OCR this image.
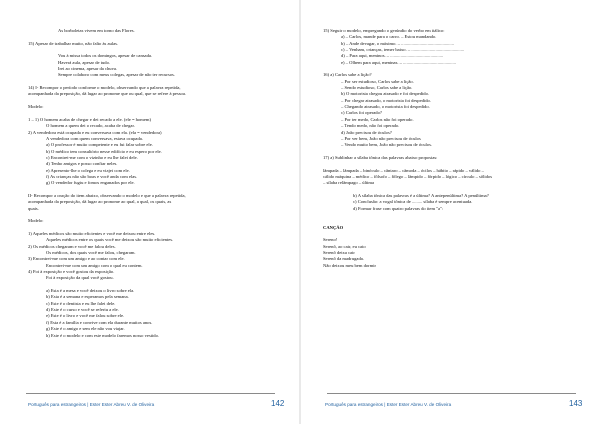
As borboletas vivem em torno das Flores.
15) Apesar de trabalhar muito, não falto às aulas.
Vou à missa todos os domingos, apesar de cansada.
Haverá aula, apesar de tudo.
Irei ao cinema, apesar da chuva.
Sempre colaboro com meus colegas, apesar de não ter recursos.
14) I- Recompor o período conforme o modelo, observando que a palavra repetida,
acompanhada da preposição, dá lugar ao pronome que ou qual, que se refere à pessoa.
Modelo:
1 – 1) O homem acaba de chegar e dei recado a ele. (ele = homem)
O homem a quem dei o recado, acaba de chegar.
2) A vendedora está ocupada e eu conversava com ela. (ela = vendedora)
A vendedora com quem conversava, estava ocupada.
a) O professor é muito competente e eu fui falar sobre ele.
b) O médico tem consultório nesse edifício e eu espero por ele.
c) Encontrei-me com o vizinho e eu lhe falei dele.
d) Tenho amigos e posso confiar neles.
e) Apresento-lhe o colega e eu viajei com ele.
f) As crianças não são boas e você anda com elas.
g) O vendedor fugiu e fomos enganados por ele.
II- Recompor a oração do item abaixo, observando o modelo e que a palavra repetida,
acompanhada da preposição, dá lugar ao pronome ao qual, a qual, os quais, as
quais.
Modelo:
1) Aqueles médicos são muito eficientes e você me deixou entre eles.
Aqueles médicos entre os quais você me deixou são muito eficientes.
2) Os médicos chegaram e você me falou deles.
Os médicos, dos quais você me falou, chegaram.
3) Encontrei-me com um amigo e ao contar com ele.
Encontrei-me com um amigo com o qual eu contem.
4) Foi à exposição e você gostou da exposição.
Foi à exposição da qual você gostou.
a) Esta é a mesa e você deixou o livro sobre ela.
b) Esta é a semana e esperamos pela semana.
c) Este é o dentista e eu lhe falei dele.
d) Este é o curso e você se referiu a ele.
e) Este é o livro e você me falou sobre ele.
f) Esta é a família e convive com ela durante muitos anos.
g) Este é o amigo e sem ele não vou viajar.
h) Este é o modelo e com este modelo faremos nosso vestido.
Português para estrangeiros | Ester Ester Abreu V. de Oliveira	142
15) Seguir o modelo, empregando o gerúndio do verbo em itálico:
a) – Carlos, mande para o carro. – Estou mandando.
b) – Ande devagar, o máximo. – ..............................................
c) – Venham, crianças, temer baixo. – ..............................................
d) – Para aqui, meninos. – ..............................................
e) – Olhem para aqui, meninas. – ..............................................
16) a) Carlos sabe a lição?
– Por ser estudioso, Carlos sabe a lição.
– Sendo estudioso, Carlos sabe a lição.
b) O motorista chegou atrasado e foi despedido.
– Por chegar atrasado, o motorista foi despedido.
– Chegando atrasado, o motorista foi despedido.
c) Carlos foi operado?
– Por ter medo, Carlos não foi operado.
– Tendo medo, não foi operado.
d) João precisou de óculos?
– Por ver bem, João não precisou de óculos
– Vendo muito bem, João não precisou de óculos.
17) a) Sublinhar a sílaba tônica das palavras abaixo propostas:
lâmpada – lâmpada – binóculo – cântaro – câmoda – ócilos – hábito – rápido – válido –
cálido máquina – médico – fôlsofo – fôlego – lâmpido – fôrpido – lógico – círculo – sôlidos
– sílaba relâmpago – última
b) A sílaba tônica das palavras é a última? A antepenúltima? A penúltima?
c) Conclusão: a vogal tônica de ......... sílaba é sempre acentuada.
d) Formar frase com quatro palavras do item "a":
CANÇÃO
Sereno!
Serenô, ao cair, eu caio
Serenô deixa cair
Serenô da madrugada.
Não deixou meu bem dormir
Português para estrangeiros | Ester Ester Abreu V. de Oliveira	143
